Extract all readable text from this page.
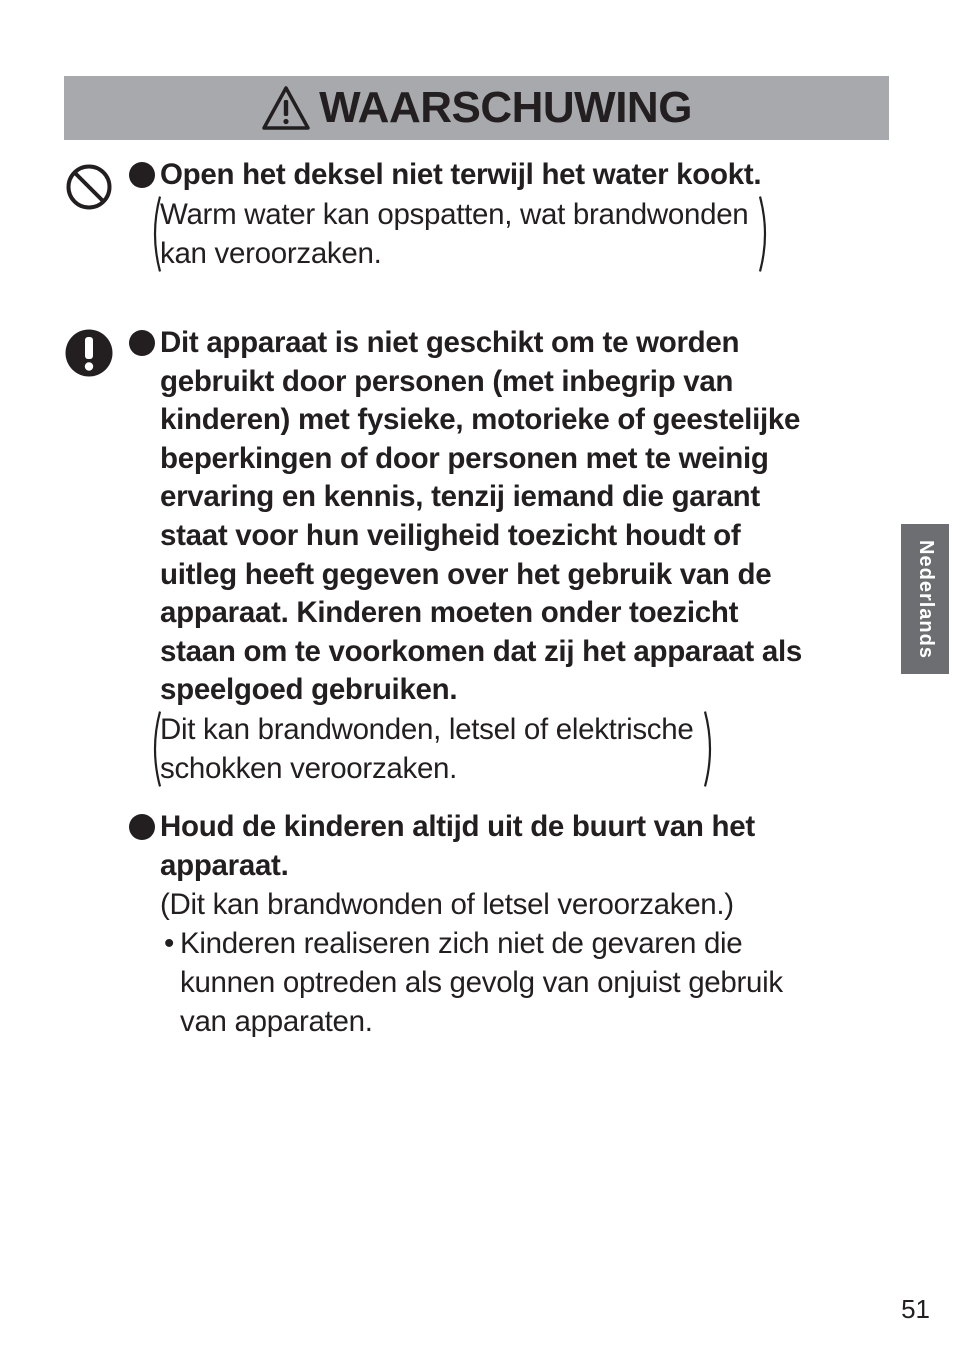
WAARSCHUWING
Open het deksel niet terwijl het water kookt.
Warm water kan opspatten, wat brandwonden
kan veroorzaken.
Dit apparaat is niet geschikt om te worden
gebruikt door personen (met inbegrip van
kinderen) met fysieke, motorieke of geestelijke
beperkingen of door personen met te weinig
ervaring en kennis, tenzij iemand die garant
staat voor hun veiligheid toezicht houdt of
uitleg heeft gegeven over het gebruik van de
apparaat. Kinderen moeten onder toezicht
staan om te voorkomen dat zij het apparaat als
speelgoed gebruiken.
Dit kan brandwonden, letsel of elektrische
schokken veroorzaken.
Houd de kinderen altijd uit de buurt van het
apparaat.
(Dit kan brandwonden of letsel veroorzaken.)
• Kinderen realiseren zich niet de gevaren die
kunnen optreden als gevolg van onjuist gebruik
van apparaten.
Nederlands
51
